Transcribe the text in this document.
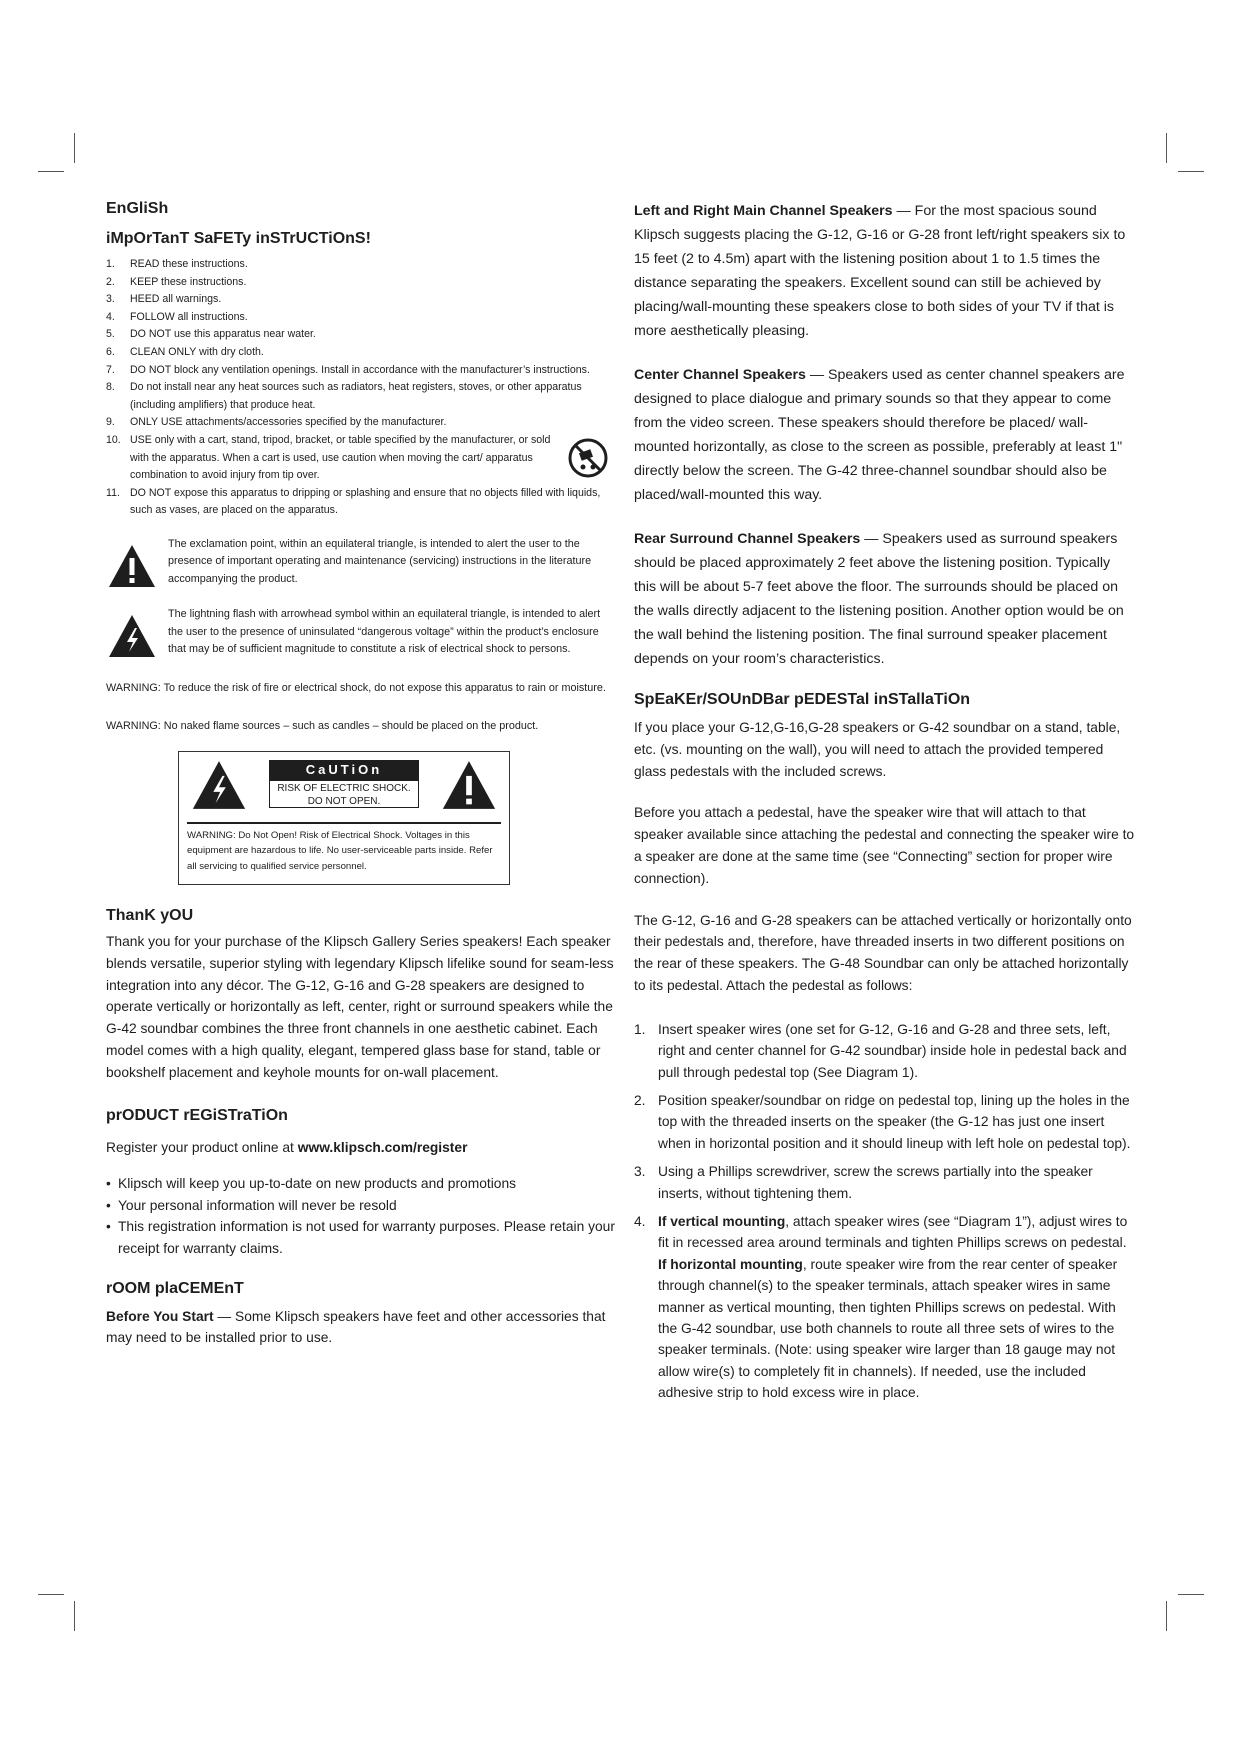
EnGliSh
iMpOrTanT SaFETy inSTrUCTiOnS!
1. READ these instructions.
2. KEEP these instructions.
3. HEED all warnings.
4. FOLLOW all instructions.
5. DO NOT use this apparatus near water.
6. CLEAN ONLY with dry cloth.
7. DO NOT block any ventilation openings. Install in accordance with the manufacturer’s instructions.
8. Do not install near any heat sources such as radiators, heat registers, stoves, or other apparatus (including amplifiers) that produce heat.
9. ONLY USE attachments/accessories specified by the manufacturer.
10. USE only with a cart, stand, tripod, bracket, or table specified by the manufacturer, or sold with the apparatus. When a cart is used, use caution when moving the cart/ apparatus combination to avoid injury from tip over.
11. DO NOT expose this apparatus to dripping or splashing and ensure that no objects filled with liquids, such as vases, are placed on the apparatus.
The exclamation point, within an equilateral triangle, is intended to alert the user to the presence of important operating and maintenance (servicing) instructions in the literature accompanying the product.
The lightning flash with arrowhead symbol within an equilateral triangle, is intended to alert the user to the presence of uninsulated “dangerous voltage” within the product’s enclosure that may be of sufficient magnitude to constitute a risk of electrical shock to persons.
WARNING: To reduce the risk of fire or electrical shock, do not expose this apparatus to rain or moisture.
WARNING: No naked flame sources – such as candles – should be placed on the product.
CaUTiOn
RISK OF ELECTRIC SHOCK.
DO NOT OPEN.
WARNING: Do Not Open! Risk of Electrical Shock. Voltages in this equipment are hazardous to life. No user-serviceable parts inside. Refer all servicing to qualified service personnel.
ThanK yOU

Thank you for your purchase of the Klipsch Gallery Series speakers! Each speaker blends versatile, superior styling with legendary Klipsch lifelike sound for seam-less integration into any décor. The G-12, G-16 and G-28 speakers are designed to operate vertically or horizontally as left, center, right or surround speakers while the G-42 soundbar combines the three front channels in one aesthetic cabinet. Each model comes with a high quality, elegant, tempered glass base for stand, table or bookshelf placement and keyhole mounts for on-wall placement.

prODUCT rEGiSTraTiOn

Register your product online at www.klipsch.com/register

• Klipsch will keep you up-to-date on new products and promotions
• Your personal information will never be resold
• This registration information is not used for warranty purposes. Please retain your receipt for warranty claims.
rOOM plaCEMEnT

Before You Start — Some Klipsch speakers have feet and other accessories that may need to be installed prior to use.

Left and Right Main Channel Speakers — For the most spacious sound Klipsch suggests placing the G-12, G-16 or G-28 front left/right speakers six to 15 feet (2 to 4.5m) apart with the listening position about 1 to 1.5 times the distance separating the speakers. Excellent sound can still be achieved by placing/wall-mounting these speakers close to both sides of your TV if that is more aesthetically pleasing.

Center Channel Speakers — Speakers used as center channel speakers are designed to place dialogue and primary sounds so that they appear to come from the video screen. These speakers should therefore be placed/ wall-mounted horizontally, as close to the screen as possible, preferably at least 1" directly below the screen. The G-42 three-channel soundbar should also be placed/wall-mounted this way.

Rear Surround Channel Speakers — Speakers used as surround speakers should be placed approximately 2 feet above the listening position. Typically this will be about 5-7 feet above the floor. The surrounds should be placed on the walls directly adjacent to the listening position. Another option would be on the wall behind the listening position. The final surround speaker placement depends on your room’s characteristics.

SpEaKEr/SOUnDBar pEDESTal inSTallaTiOn

If you place your G-12,G-16,G-28 speakers or G-42 soundbar on a stand, table, etc. (vs. mounting on the wall), you will need to attach the provided tempered glass pedestals with the included screws.

Before you attach a pedestal, have the speaker wire that will attach to that speaker available since attaching the pedestal and connecting the speaker wire to a speaker are done at the same time (see “Connecting” section for proper wire connection).

The G-12, G-16 and G-28 speakers can be attached vertically or horizontally onto their pedestals and, therefore, have threaded inserts in two different positions on the rear of these speakers. The G-48 Soundbar can only be attached horizontally to its pedestal. Attach the pedestal as follows:

1. Insert speaker wires (one set for G-12, G-16 and G-28 and three sets, left, right and center channel for G-42 soundbar) inside hole in pedestal back and pull through pedestal top (See Diagram 1).
2. Position speaker/soundbar on ridge on pedestal top, lining up the holes in the top with the threaded inserts on the speaker (the G-12 has just one insert when in horizontal position and it should lineup with left hole on pedestal top).
3. Using a Phillips screwdriver, screw the screws partially into the speaker inserts, without tightening them.
4. If vertical mounting, attach speaker wires (see “Diagram 1”), adjust wires to fit in recessed area around terminals and tighten Phillips screws on pedestal. If horizontal mounting, route speaker wire from the rear center of speaker through channel(s) to the speaker terminals, attach speaker wires in same manner as vertical mounting, then tighten Phillips screws on pedestal. With the G-42 soundbar, use both channels to route all three sets of wires to the speaker terminals. (Note: using speaker wire larger than 18 gauge may not allow wire(s) to completely fit in channels). If needed, use the included adhesive strip to hold excess wire in place.
